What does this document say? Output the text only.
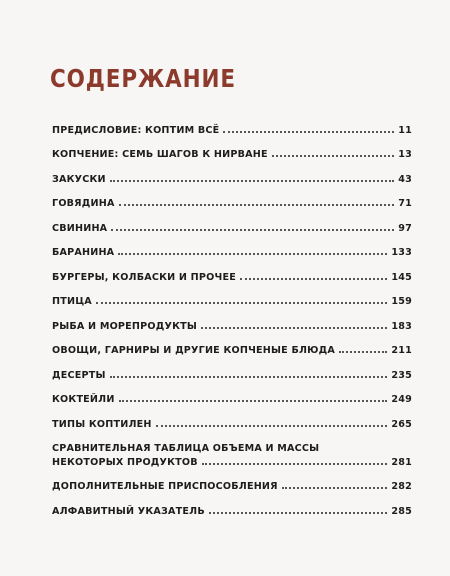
СОДЕРЖАНИЕ
ПРЕДИСЛОВИЕ: КОПТИМ ВСЁ	11
КОПЧЕНИЕ: СЕМЬ ШАГОВ К НИРВАНЕ	13
ЗАКУСКИ	43
ГОВЯДИНА	71
СВИНИНА	97
БАРАНИНА	133
БУРГЕРЫ, КОЛБАСКИ И ПРОЧЕЕ	145
ПТИЦА	159
РЫБА И МОРЕПРОДУКТЫ	183
ОВОЩИ, ГАРНИРЫ И ДРУГИЕ КОПЧЕНЫЕ БЛЮДА	211
ДЕСЕРТЫ	235
КОКТЕЙЛИ	249
ТИПЫ КОПТИЛЕН	265
СРАВНИТЕЛЬНАЯ ТАБЛИЦА ОБЪЕМА И МАССЫ
НЕКОТОРЫХ ПРОДУКТОВ	281
ДОПОЛНИТЕЛЬНЫЕ ПРИСПОСОБЛЕНИЯ	282
АЛФАВИТНЫЙ УКАЗАТЕЛЬ	285
